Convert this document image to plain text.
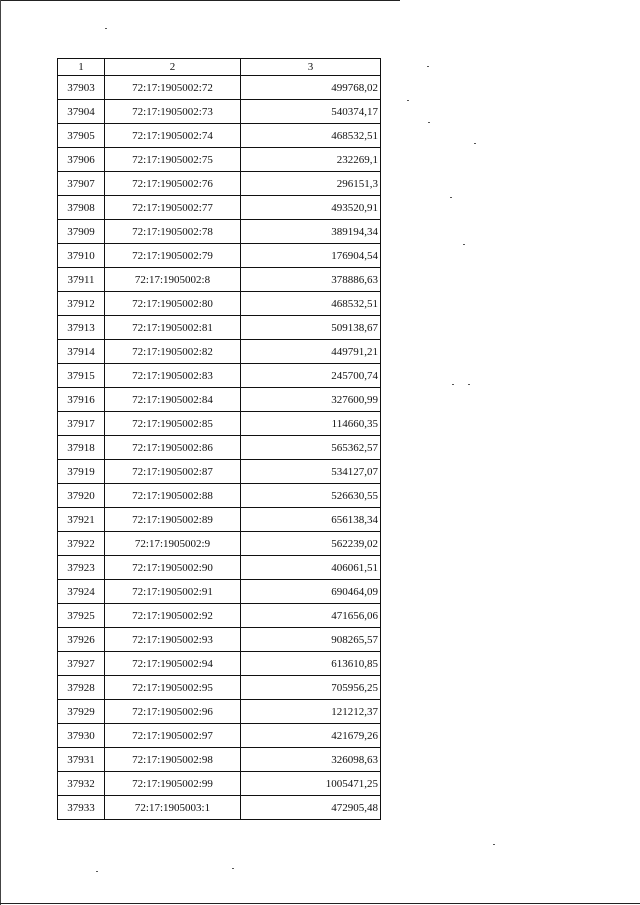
1	2	3
37903	72:17:1905002:72	499768,02
37904	72:17:1905002:73	540374,17
37905	72:17:1905002:74	468532,51
37906	72:17:1905002:75	232269,1
37907	72:17:1905002:76	296151,3
37908	72:17:1905002:77	493520,91
37909	72:17:1905002:78	389194,34
37910	72:17:1905002:79	176904,54
37911	72:17:1905002:8	378886,63
37912	72:17:1905002:80	468532,51
37913	72:17:1905002:81	509138,67
37914	72:17:1905002:82	449791,21
37915	72:17:1905002:83	245700,74
37916	72:17:1905002:84	327600,99
37917	72:17:1905002:85	114660,35
37918	72:17:1905002:86	565362,57
37919	72:17:1905002:87	534127,07
37920	72:17:1905002:88	526630,55
37921	72:17:1905002:89	656138,34
37922	72:17:1905002:9	562239,02
37923	72:17:1905002:90	406061,51
37924	72:17:1905002:91	690464,09
37925	72:17:1905002:92	471656,06
37926	72:17:1905002:93	908265,57
37927	72:17:1905002:94	613610,85
37928	72:17:1905002:95	705956,25
37929	72:17:1905002:96	121212,37
37930	72:17:1905002:97	421679,26
37931	72:17:1905002:98	326098,63
37932	72:17:1905002:99	1005471,25
37933	72:17:1905003:1	472905,48
